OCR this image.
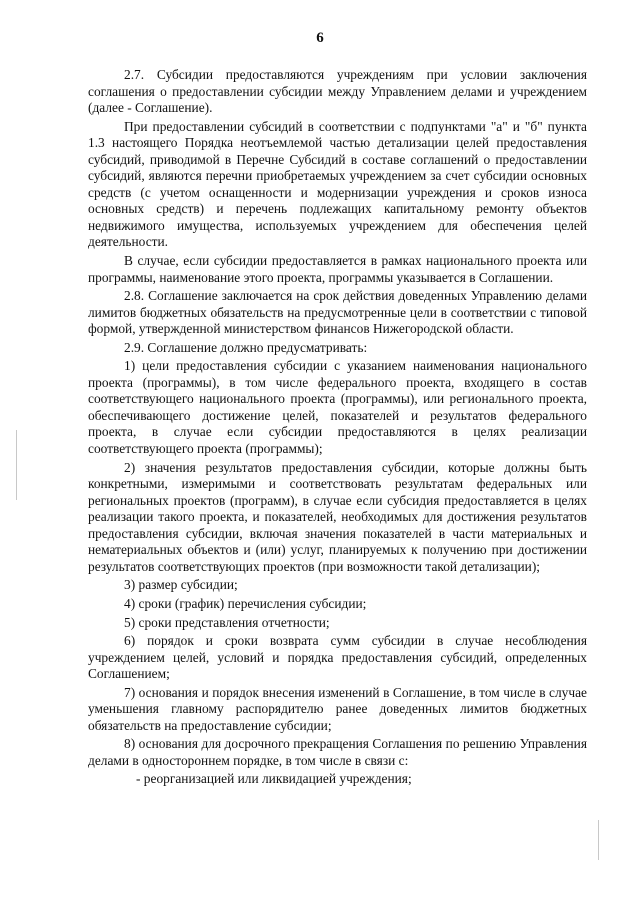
6

2.7. Субсидии предоставляются учреждениям при условии заключения соглашения о предоставлении субсидии между Управлением делами и учреждением (далее - Соглашение).

При предоставлении субсидий в соответствии с подпунктами "а" и "б" пункта 1.3 настоящего Порядка неотъемлемой частью детализации целей предоставления субсидий, приводимой в Перечне Субсидий в составе соглашений о предоставлении субсидий, являются перечни приобретаемых учреждением за счет субсидии основных средств (с учетом оснащенности и модернизации учреждения и сроков износа основных средств) и перечень подлежащих капитальному ремонту объектов недвижимого имущества, используемых учреждением для обеспечения целей деятельности.

В случае, если субсидии предоставляется в рамках национального проекта или программы, наименование этого проекта, программы указывается в Соглашении.

2.8. Соглашение заключается на срок действия доведенных Управлению делами лимитов бюджетных обязательств на предусмотренные цели в соответствии с типовой формой, утвержденной министерством финансов Нижегородской области.

2.9. Соглашение должно предусматривать:

1) цели предоставления субсидии с указанием наименования национального проекта (программы), в том числе федерального проекта, входящего в состав соответствующего национального проекта (программы), или регионального проекта, обеспечивающего достижение целей, показателей и результатов федерального проекта, в случае если субсидии предоставляются в целях реализации соответствующего проекта (программы);

2) значения результатов предоставления субсидии, которые должны быть конкретными, измеримыми и соответствовать результатам федеральных или региональных проектов (программ), в случае если субсидия предоставляется в целях реализации такого проекта, и показателей, необходимых для достижения результатов предоставления субсидии, включая значения показателей в части материальных и нематериальных объектов и (или) услуг, планируемых к получению при достижении результатов соответствующих проектов (при возможности такой детализации);

3) размер субсидии;

4) сроки (график) перечисления субсидии;

5) сроки представления отчетности;

6) порядок и сроки возврата сумм субсидии в случае несоблюдения учреждением целей, условий и порядка предоставления субсидий, определенных Соглашением;

7) основания и порядок внесения изменений в Соглашение, в том числе в случае уменьшения главному распорядителю ранее доведенных лимитов бюджетных обязательств на предоставление субсидии;

8) основания для досрочного прекращения Соглашения по решению Управления делами в одностороннем порядке, в том числе в связи с:

- реорганизацией или ликвидацией учреждения;
